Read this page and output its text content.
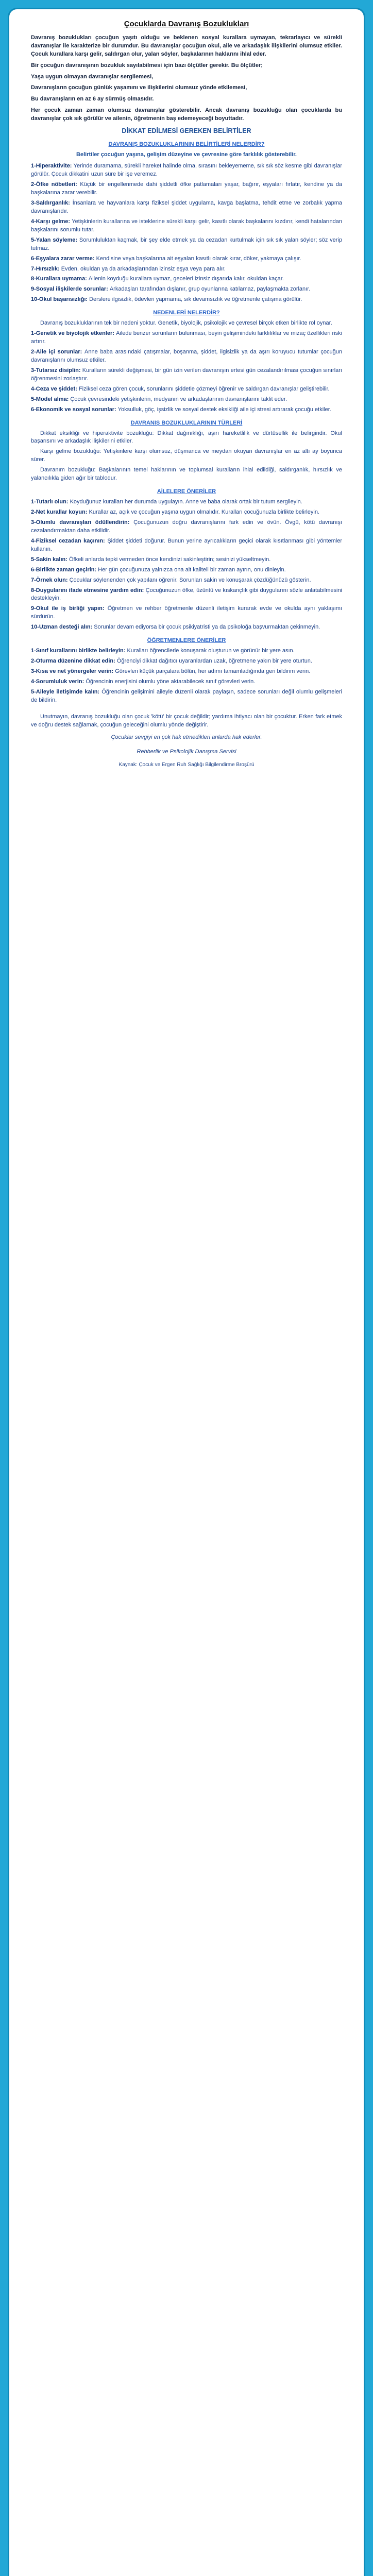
Çocuklarda Davranış Bozuklukları

Davranış bozuklukları çocuğun yaşıtı olduğu ve beklenen sosyal kurallara uymayan, tekrarlayıcı ve sürekli davranışlar ile karakterize bir durumdur. Bu davranışlar çocuğun okul, aile ve arkadaşlık ilişkilerini olumsuz etkiler. Çocuk kurallara karşı gelir, saldırgan olur, yalan söyler, başkalarının haklarını ihlal eder.

Bir çocuğun davranışının bozukluk sayılabilmesi için bazı ölçütler gerekir. Bu ölçütler;

Yaşa uygun olmayan davranışlar sergilemesi,

Davranışların çocuğun günlük yaşamını ve ilişkilerini olumsuz yönde etkilemesi,

Bu davranışların en az 6 ay sürmüş olmasıdır.

Her çocuk zaman zaman olumsuz davranışlar gösterebilir. Ancak davranış bozukluğu olan çocuklarda bu davranışlar çok sık görülür ve ailenin, öğretmenin baş edemeyeceği boyuttadır.

DİKKAT EDİLMESİ GEREKEN BELİRTİLER
DAVRANIŞ BOZUKLUKLARININ BELİRTİLERİ NELERDİR?
Belirtiler çocuğun yaşına, gelişim düzeyine ve çevresine göre farklılık gösterebilir.

1-Hiperaktivite: Yerinde duramama, sürekli hareket halinde olma, sırasını bekleyememe, sık sık söz kesme gibi davranışlar görülür. Çocuk dikkatini uzun süre bir işe veremez.

2-Öfke nöbetleri: Küçük bir engellenmede dahi şiddetli öfke patlamaları yaşar, bağırır, eşyaları fırlatır, kendine ya da başkalarına zarar verebilir.

3-Saldırganlık: İnsanlara ve hayvanlara karşı fiziksel şiddet uygulama, kavga başlatma, tehdit etme ve zorbalık yapma davranışlarıdır.

4-Karşı gelme: Yetişkinlerin kurallarına ve isteklerine sürekli karşı gelir, kasıtlı olarak başkalarını kızdırır, kendi hatalarından başkalarını sorumlu tutar.

5-Yalan söyleme: Sorumluluktan kaçmak, bir şey elde etmek ya da cezadan kurtulmak için sık sık yalan söyler; söz verip tutmaz.

6-Eşyalara zarar verme: Kendisine veya başkalarına ait eşyaları kasıtlı olarak kırar, döker, yakmaya çalışır.

7-Hırsızlık: Evden, okuldan ya da arkadaşlarından izinsiz eşya veya para alır.

8-Kurallara uymama: Ailenin koyduğu kurallara uymaz, geceleri izinsiz dışarıda kalır, okuldan kaçar.

9-Sosyal ilişkilerde sorunlar: Arkadaşları tarafından dışlanır, grup oyunlarına katılamaz, paylaşmakta zorlanır.

10-Okul başarısızlığı: Derslere ilgisizlik, ödevleri yapmama, sık devamsızlık ve öğretmenle çatışma görülür.

NEDENLERİ NELERDİR?

Davranış bozukluklarının tek bir nedeni yoktur. Genetik, biyolojik, psikolojik ve çevresel birçok etken birlikte rol oynar.

1-Genetik ve biyolojik etkenler: Ailede benzer sorunların bulunması, beyin gelişimindeki farklılıklar ve mizaç özellikleri riski artırır.

2-Aile içi sorunlar: Anne baba arasındaki çatışmalar, boşanma, şiddet, ilgisizlik ya da aşırı koruyucu tutumlar çocuğun davranışlarını olumsuz etkiler.

3-Tutarsız disiplin: Kuralların sürekli değişmesi, bir gün izin verilen davranışın ertesi gün cezalandırılması çocuğun sınırları öğrenmesini zorlaştırır.

4-Ceza ve şiddet: Fiziksel ceza gören çocuk, sorunlarını şiddetle çözmeyi öğrenir ve saldırgan davranışlar geliştirebilir.

5-Model alma: Çocuk çevresindeki yetişkinlerin, medyanın ve arkadaşlarının davranışlarını taklit eder.

6-Ekonomik ve sosyal sorunlar: Yoksulluk, göç, işsizlik ve sosyal destek eksikliği aile içi stresi artırarak çocuğu etkiler.

DAVRANIŞ BOZUKLUKLARININ TÜRLERİ

Dikkat eksikliği ve hiperaktivite bozukluğu: Dikkat dağınıklığı, aşırı hareketlilik ve dürtüsellik ile belirgindir. Okul başarısını ve arkadaşlık ilişkilerini etkiler.

Karşı gelme bozukluğu: Yetişkinlere karşı olumsuz, düşmanca ve meydan okuyan davranışlar en az altı ay boyunca sürer.

Davranım bozukluğu: Başkalarının temel haklarının ve toplumsal kuralların ihlal edildiği, saldırganlık, hırsızlık ve yalancılıkla giden ağır bir tablodur.

AİLELERE ÖNERİLER

1-Tutarlı olun: Koyduğunuz kuralları her durumda uygulayın. Anne ve baba olarak ortak bir tutum sergileyin.

2-Net kurallar koyun: Kurallar az, açık ve çocuğun yaşına uygun olmalıdır. Kuralları çocuğunuzla birlikte belirleyin.

3-Olumlu davranışları ödüllendirin: Çocuğunuzun doğru davranışlarını fark edin ve övün. Övgü, kötü davranışı cezalandırmaktan daha etkilidir.

4-Fiziksel cezadan kaçının: Şiddet şiddeti doğurur. Bunun yerine ayrıcalıkların geçici olarak kısıtlanması gibi yöntemler kullanın.

5-Sakin kalın: Öfkeli anlarda tepki vermeden önce kendinizi sakinleştirin; sesinizi yükseltmeyin.

6-Birlikte zaman geçirin: Her gün çocuğunuza yalnızca ona ait kaliteli bir zaman ayırın, onu dinleyin.

7-Örnek olun: Çocuklar söylenenden çok yapılanı öğrenir. Sorunları sakin ve konuşarak çözdüğünüzü gösterin.

8-Duygularını ifade etmesine yardım edin: Çocuğunuzun öfke, üzüntü ve kıskançlık gibi duygularını sözle anlatabilmesini destekleyin.

9-Okul ile iş birliği yapın: Öğretmen ve rehber öğretmenle düzenli iletişim kurarak evde ve okulda aynı yaklaşımı sürdürün.

10-Uzman desteği alın: Sorunlar devam ediyorsa bir çocuk psikiyatristi ya da psikoloğa başvurmaktan çekinmeyin.

ÖĞRETMENLERE ÖNERİLER

1-Sınıf kurallarını birlikte belirleyin: Kuralları öğrencilerle konuşarak oluşturun ve görünür bir yere asın.

2-Oturma düzenine dikkat edin: Öğrenciyi dikkat dağıtıcı uyaranlardan uzak, öğretmene yakın bir yere oturtun.

3-Kısa ve net yönergeler verin: Görevleri küçük parçalara bölün, her adımı tamamladığında geri bildirim verin.

4-Sorumluluk verin: Öğrencinin enerjisini olumlu yöne aktarabilecek sınıf görevleri verin.

5-Aileyle iletişimde kalın: Öğrencinin gelişimini aileyle düzenli olarak paylaşın, sadece sorunları değil olumlu gelişmeleri de bildirin.

Unutmayın, davranış bozukluğu olan çocuk 'kötü' bir çocuk değildir; yardıma ihtiyacı olan bir çocuktur. Erken fark etmek ve doğru destek sağlamak, çocuğun geleceğini olumlu yönde değiştirir.

Çocuklar sevgiyi en çok hak etmedikleri anlarda hak ederler.
Rehberlik ve Psikolojik Danışma Servisi
Kaynak: Çocuk ve Ergen Ruh Sağlığı Bilgilendirme Broşürü
